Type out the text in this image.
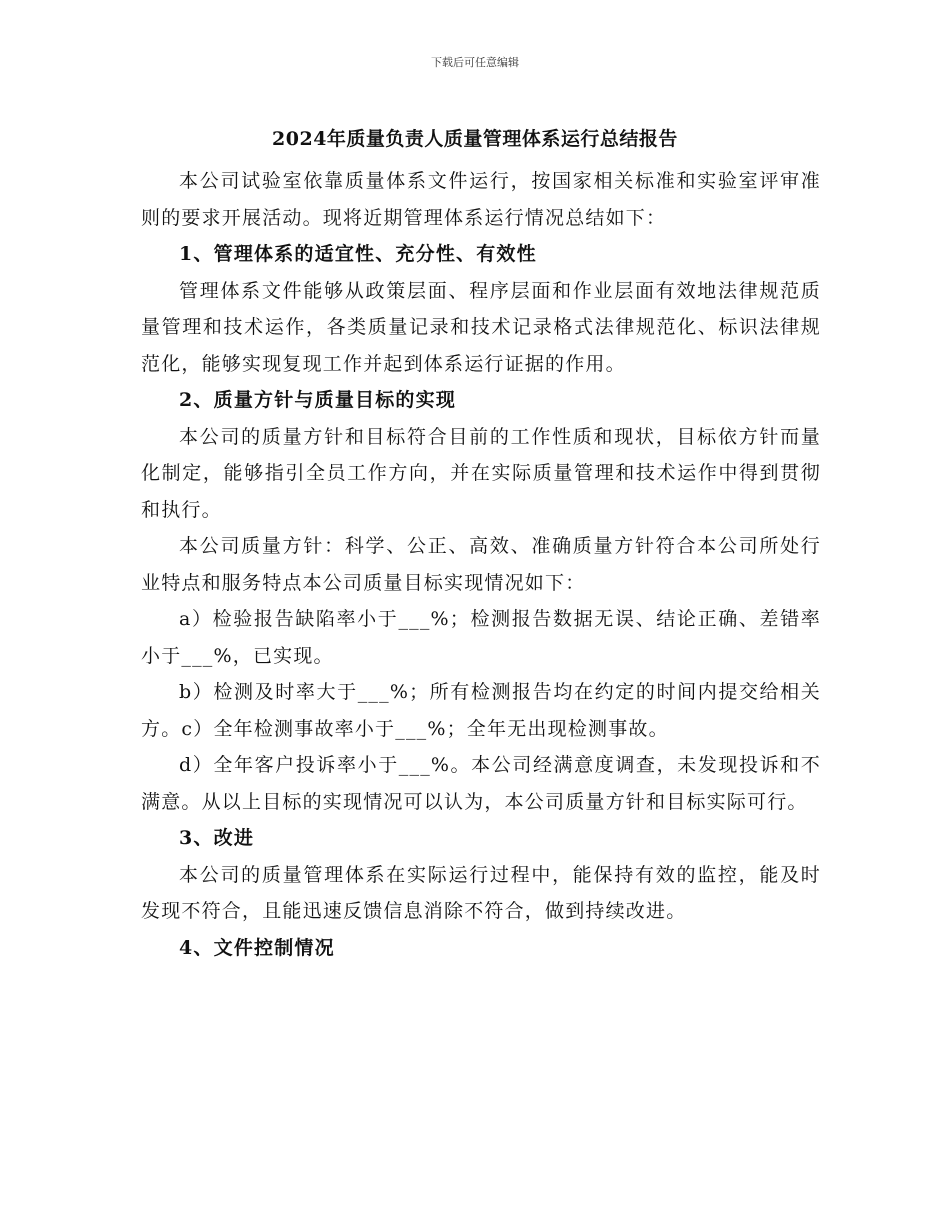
下载后可任意编辑
2024年质量负责人质量管理体系运行总结报告

本公司试验室依靠质量体系文件运行，按国家相关标准和实验室评审准则的要求开展活动。现将近期管理体系运行情况总结如下：

1、管理体系的适宜性、充分性、有效性

管理体系文件能够从政策层面、程序层面和作业层面有效地法律规范质量管理和技术运作，各类质量记录和技术记录格式法律规范化、标识法律规范化，能够实现复现工作并起到体系运行证据的作用。

2、质量方针与质量目标的实现

本公司的质量方针和目标符合目前的工作性质和现状，目标依方针而量化制定，能够指引全员工作方向，并在实际质量管理和技术运作中得到贯彻和执行。

本公司质量方针：科学、公正、高效、准确质量方针符合本公司所处行业特点和服务特点本公司质量目标实现情况如下：

a）检验报告缺陷率小于___%；检测报告数据无误、结论正确、差错率小于___%，已实现。

b）检测及时率大于___%；所有检测报告均在约定的时间内提交给相关方。c）全年检测事故率小于___%；全年无出现检测事故。

d）全年客户投诉率小于___%。本公司经满意度调查，未发现投诉和不满意。从以上目标的实现情况可以认为，本公司质量方针和目标实际可行。

3、改进

本公司的质量管理体系在实际运行过程中，能保持有效的监控，能及时发现不符合，且能迅速反馈信息消除不符合，做到持续改进。

4、文件控制情况
